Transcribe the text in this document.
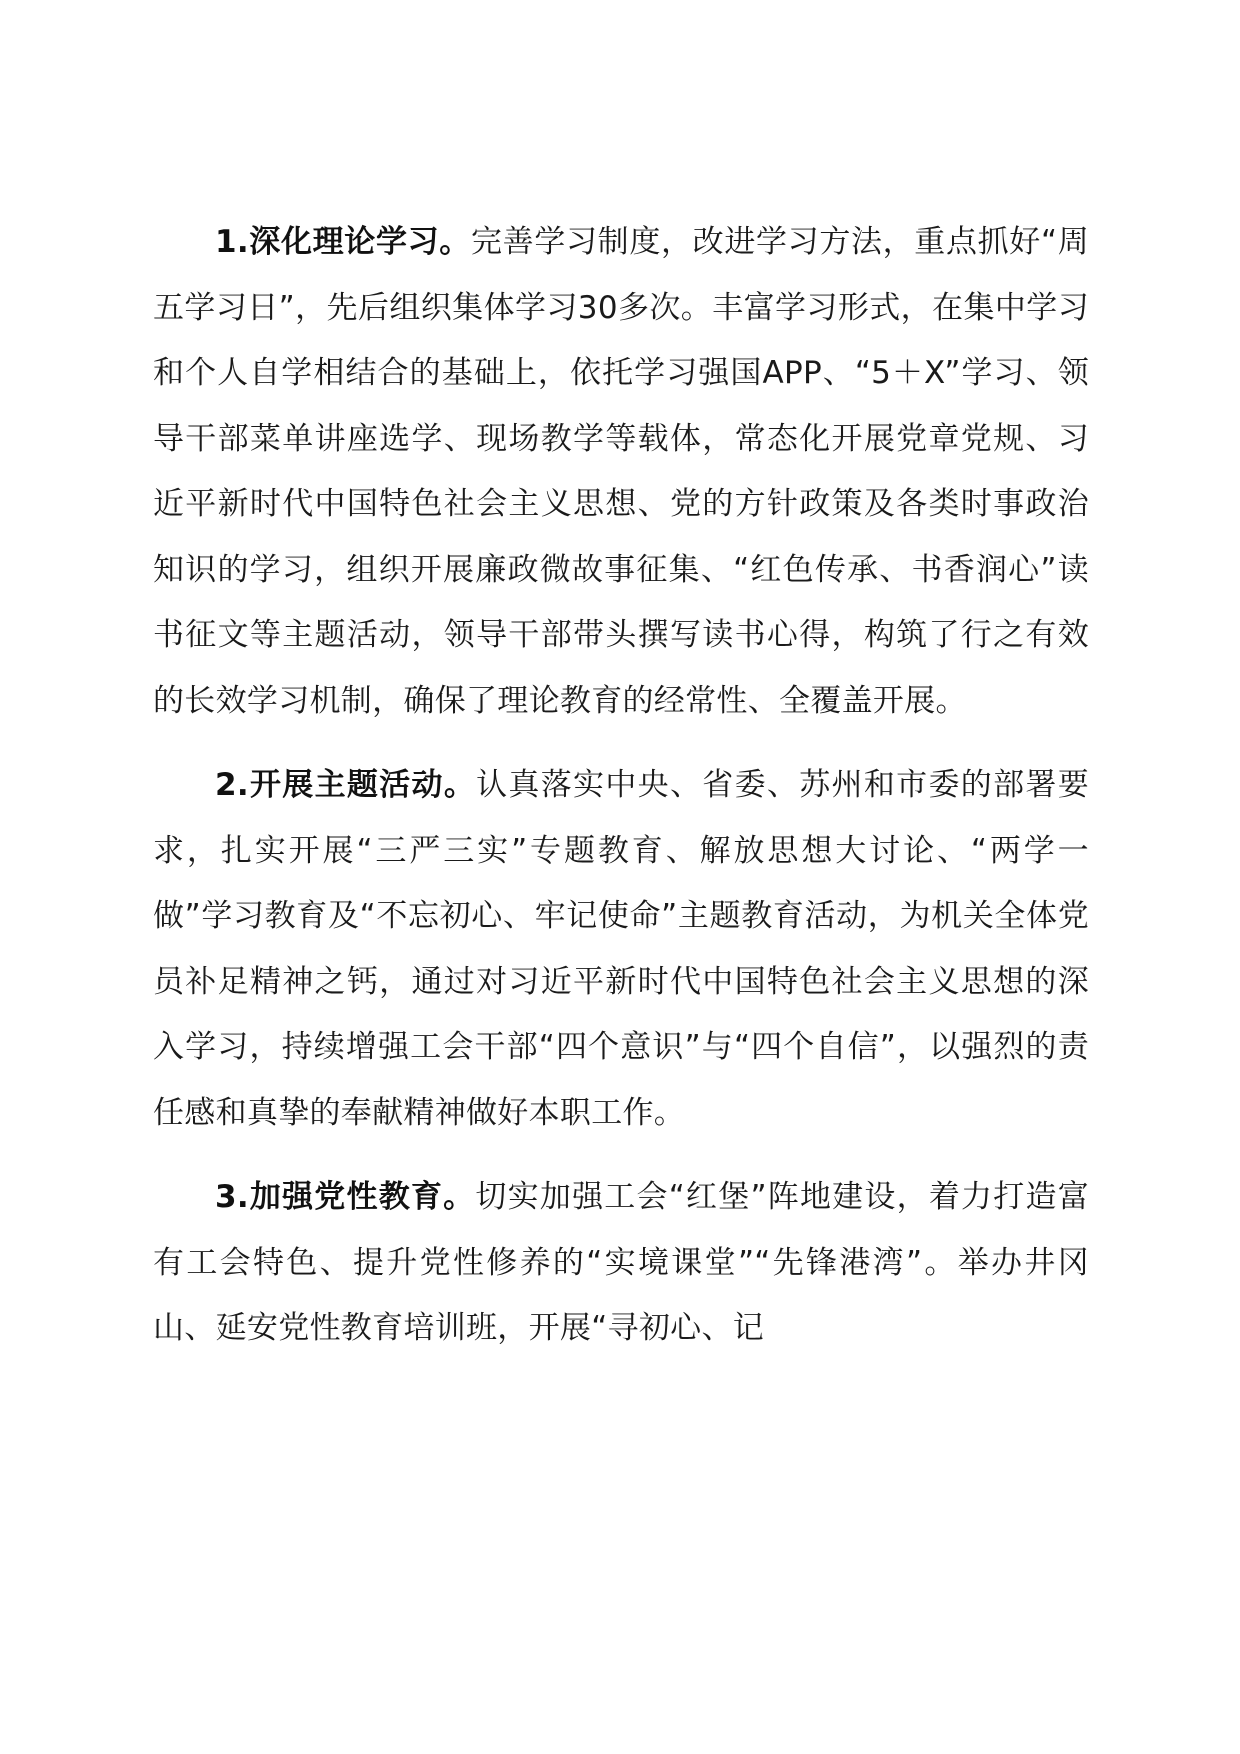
1.深化理论学习。完善学习制度，改进学习方法，重点抓好“周五学习日”，先后组织集体学习30多次。丰富学习形式，在集中学习和个人自学相结合的基础上，依托学习强国APP、“5＋X”学习、领导干部菜单讲座选学、现场教学等载体，常态化开展党章党规、习近平新时代中国特色社会主义思想、党的方针政策及各类时事政治知识的学习，组织开展廉政微故事征集、“红色传承、书香润心”读书征文等主题活动，领导干部带头撰写读书心得，构筑了行之有效的长效学习机制，确保了理论教育的经常性、全覆盖开展。

2.开展主题活动。认真落实中央、省委、苏州和市委的部署要求，扎实开展“三严三实”专题教育、解放思想大讨论、“两学一做”学习教育及“不忘初心、牢记使命”主题教育活动，为机关全体党员补足精神之钙，通过对习近平新时代中国特色社会主义思想的深入学习，持续增强工会干部“四个意识”与“四个自信”，以强烈的责任感和真挚的奉献精神做好本职工作。

3.加强党性教育。切实加强工会“红堡”阵地建设，着力打造富有工会特色、提升党性修养的“实境课堂”“先锋港湾”。举办井冈山、延安党性教育培训班，开展“寻初心、记
